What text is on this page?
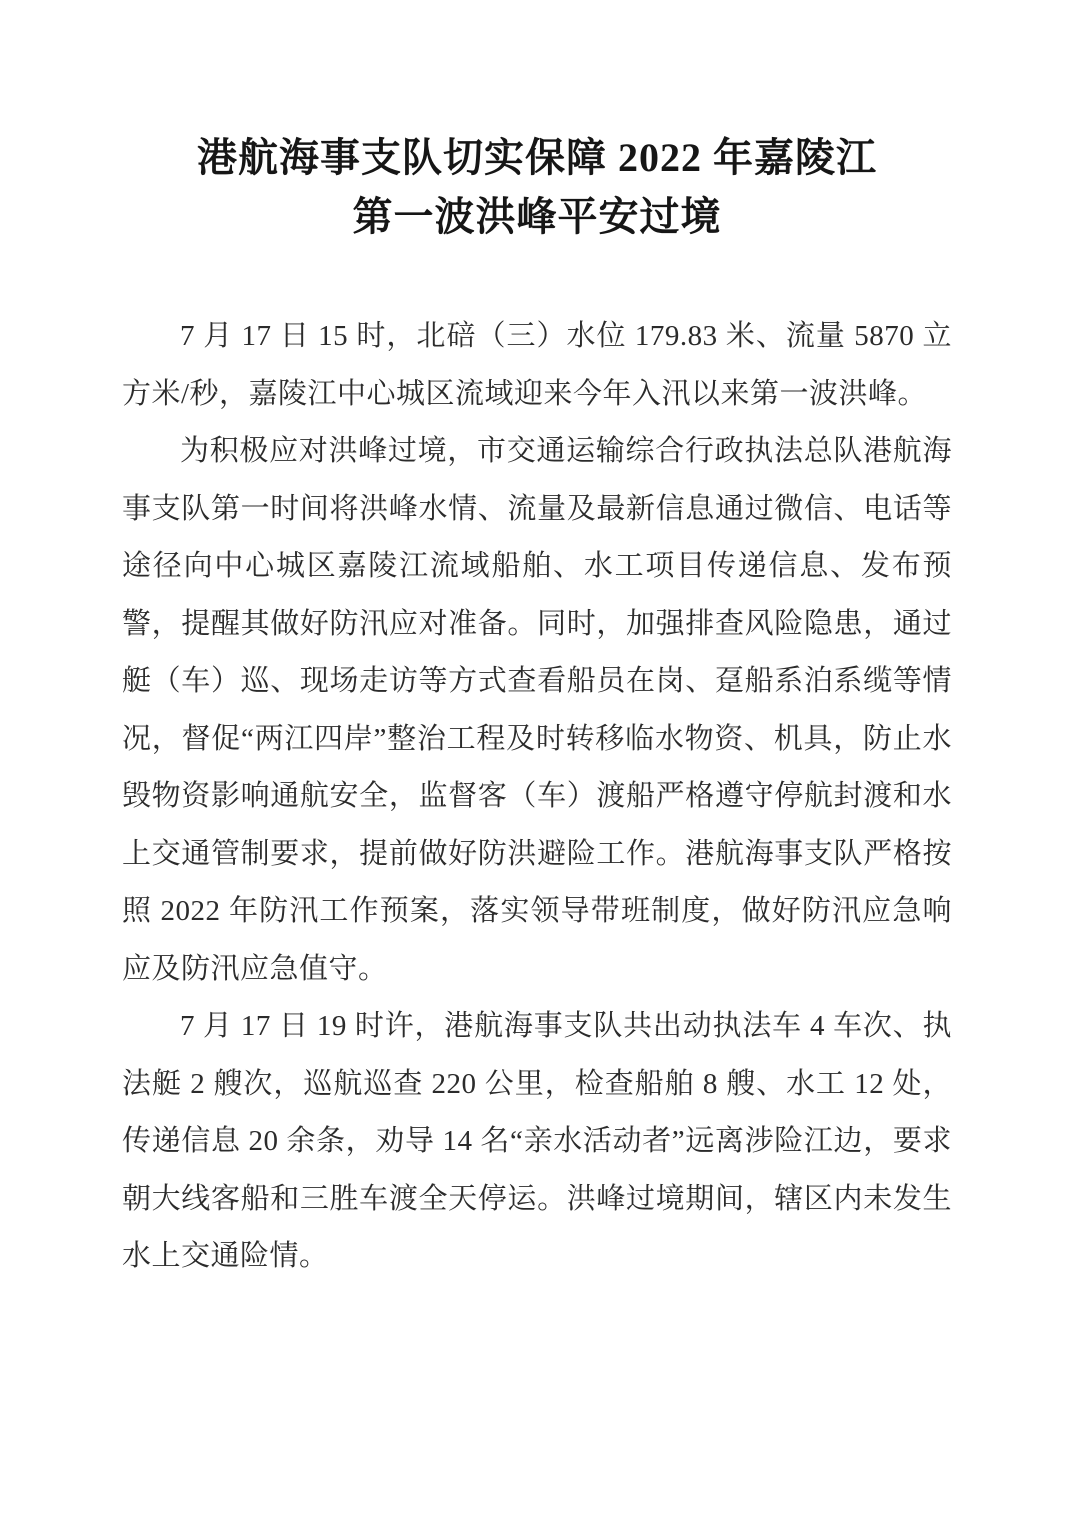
港航海事支队切实保障 2022 年嘉陵江
第一波洪峰平安过境

7 月 17 日 15 时，北碚（三）水位 179.83 米、流量 5870 立方米/秒，嘉陵江中心城区流域迎来今年入汛以来第一波洪峰。

为积极应对洪峰过境，市交通运输综合行政执法总队港航海事支队第一时间将洪峰水情、流量及最新信息通过微信、电话等途径向中心城区嘉陵江流域船舶、水工项目传递信息、发布预警，提醒其做好防汛应对准备。同时，加强排查风险隐患，通过艇（车）巡、现场走访等方式查看船员在岗、趸船系泊系缆等情况，督促“两江四岸”整治工程及时转移临水物资、机具，防止水毁物资影响通航安全，监督客（车）渡船严格遵守停航封渡和水上交通管制要求，提前做好防洪避险工作。港航海事支队严格按照 2022 年防汛工作预案，落实领导带班制度，做好防汛应急响应及防汛应急值守。

7 月 17 日 19 时许，港航海事支队共出动执法车 4 车次、执法艇 2 艘次，巡航巡查 220 公里，检查船舶 8 艘、水工 12 处，传递信息 20 余条，劝导 14 名“亲水活动者”远离涉险江边，要求朝大线客船和三胜车渡全天停运。洪峰过境期间，辖区内未发生水上交通险情。
